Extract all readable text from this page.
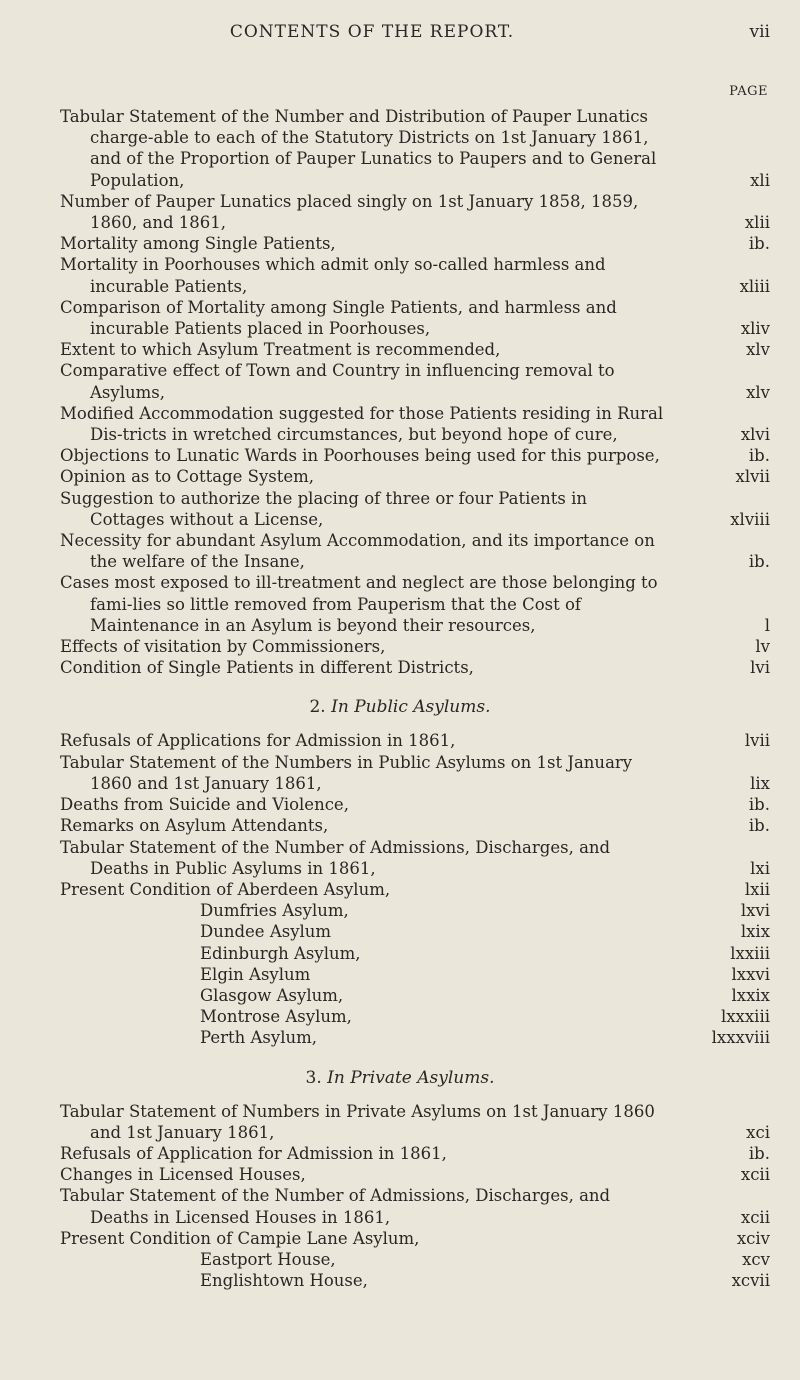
CONTENTS OF THE REPORT.	vii
PAGE
Tabular Statement of the Number and Distribution of Pauper Lunatics charge-able to each of the Statutory Districts on 1st January 1861, and of the Proportion of Pauper Lunatics to Paupers and to General Population,	xli
Number of Pauper Lunatics placed singly on 1st January 1858, 1859, 1860, and 1861,	xlii
Mortality among Single Patients,	ib.
Mortality in Poorhouses which admit only so-called harmless and incurable Patients,	xliii
Comparison of Mortality among Single Patients, and harmless and incurable Patients placed in Poorhouses,	xliv
Extent to which Asylum Treatment is recommended,	xlv
Comparative effect of Town and Country in influencing removal to Asylums,	xlv
Modified Accommodation suggested for those Patients residing in Rural Dis-tricts in wretched circumstances, but beyond hope of cure,	xlvi
Objections to Lunatic Wards in Poorhouses being used for this purpose,	ib.
Opinion as to Cottage System,	xlvii
Suggestion to authorize the placing of three or four Patients in Cottages without a License,	xlviii
Necessity for abundant Asylum Accommodation, and its importance on the welfare of the Insane,	ib.
Cases most exposed to ill-treatment and neglect are those belonging to fami-lies so little removed from Pauperism that the Cost of Maintenance in an Asylum is beyond their resources,	l
Effects of visitation by Commissioners,	lv
Condition of Single Patients in different Districts,	lvi
2. In Public Asylums.
Refusals of Applications for Admission in 1861,	lvii
Tabular Statement of the Numbers in Public Asylums on 1st January 1860 and 1st January 1861,	lix
Deaths from Suicide and Violence,	ib.
Remarks on Asylum Attendants,	ib.
Tabular Statement of the Number of Admissions, Discharges, and Deaths in Public Asylums in 1861,	lxi
Present Condition of Aberdeen Asylum,	lxii
Dumfries Asylum,	lxvi
Dundee Asylum	lxix
Edinburgh Asylum,	lxxiii
Elgin Asylum	lxxvi
Glasgow Asylum,	lxxix
Montrose Asylum,	lxxxiii
Perth Asylum,	lxxxviii
3. In Private Asylums.
Tabular Statement of Numbers in Private Asylums on 1st January 1860 and 1st January 1861,	xci
Refusals of Application for Admission in 1861,	ib.
Changes in Licensed Houses,	xcii
Tabular Statement of the Number of Admissions, Discharges, and Deaths in Licensed Houses in 1861,	xcii
Present Condition of Campie Lane Asylum,	xciv
Eastport House,	xcv
Englishtown House,	xcvii
